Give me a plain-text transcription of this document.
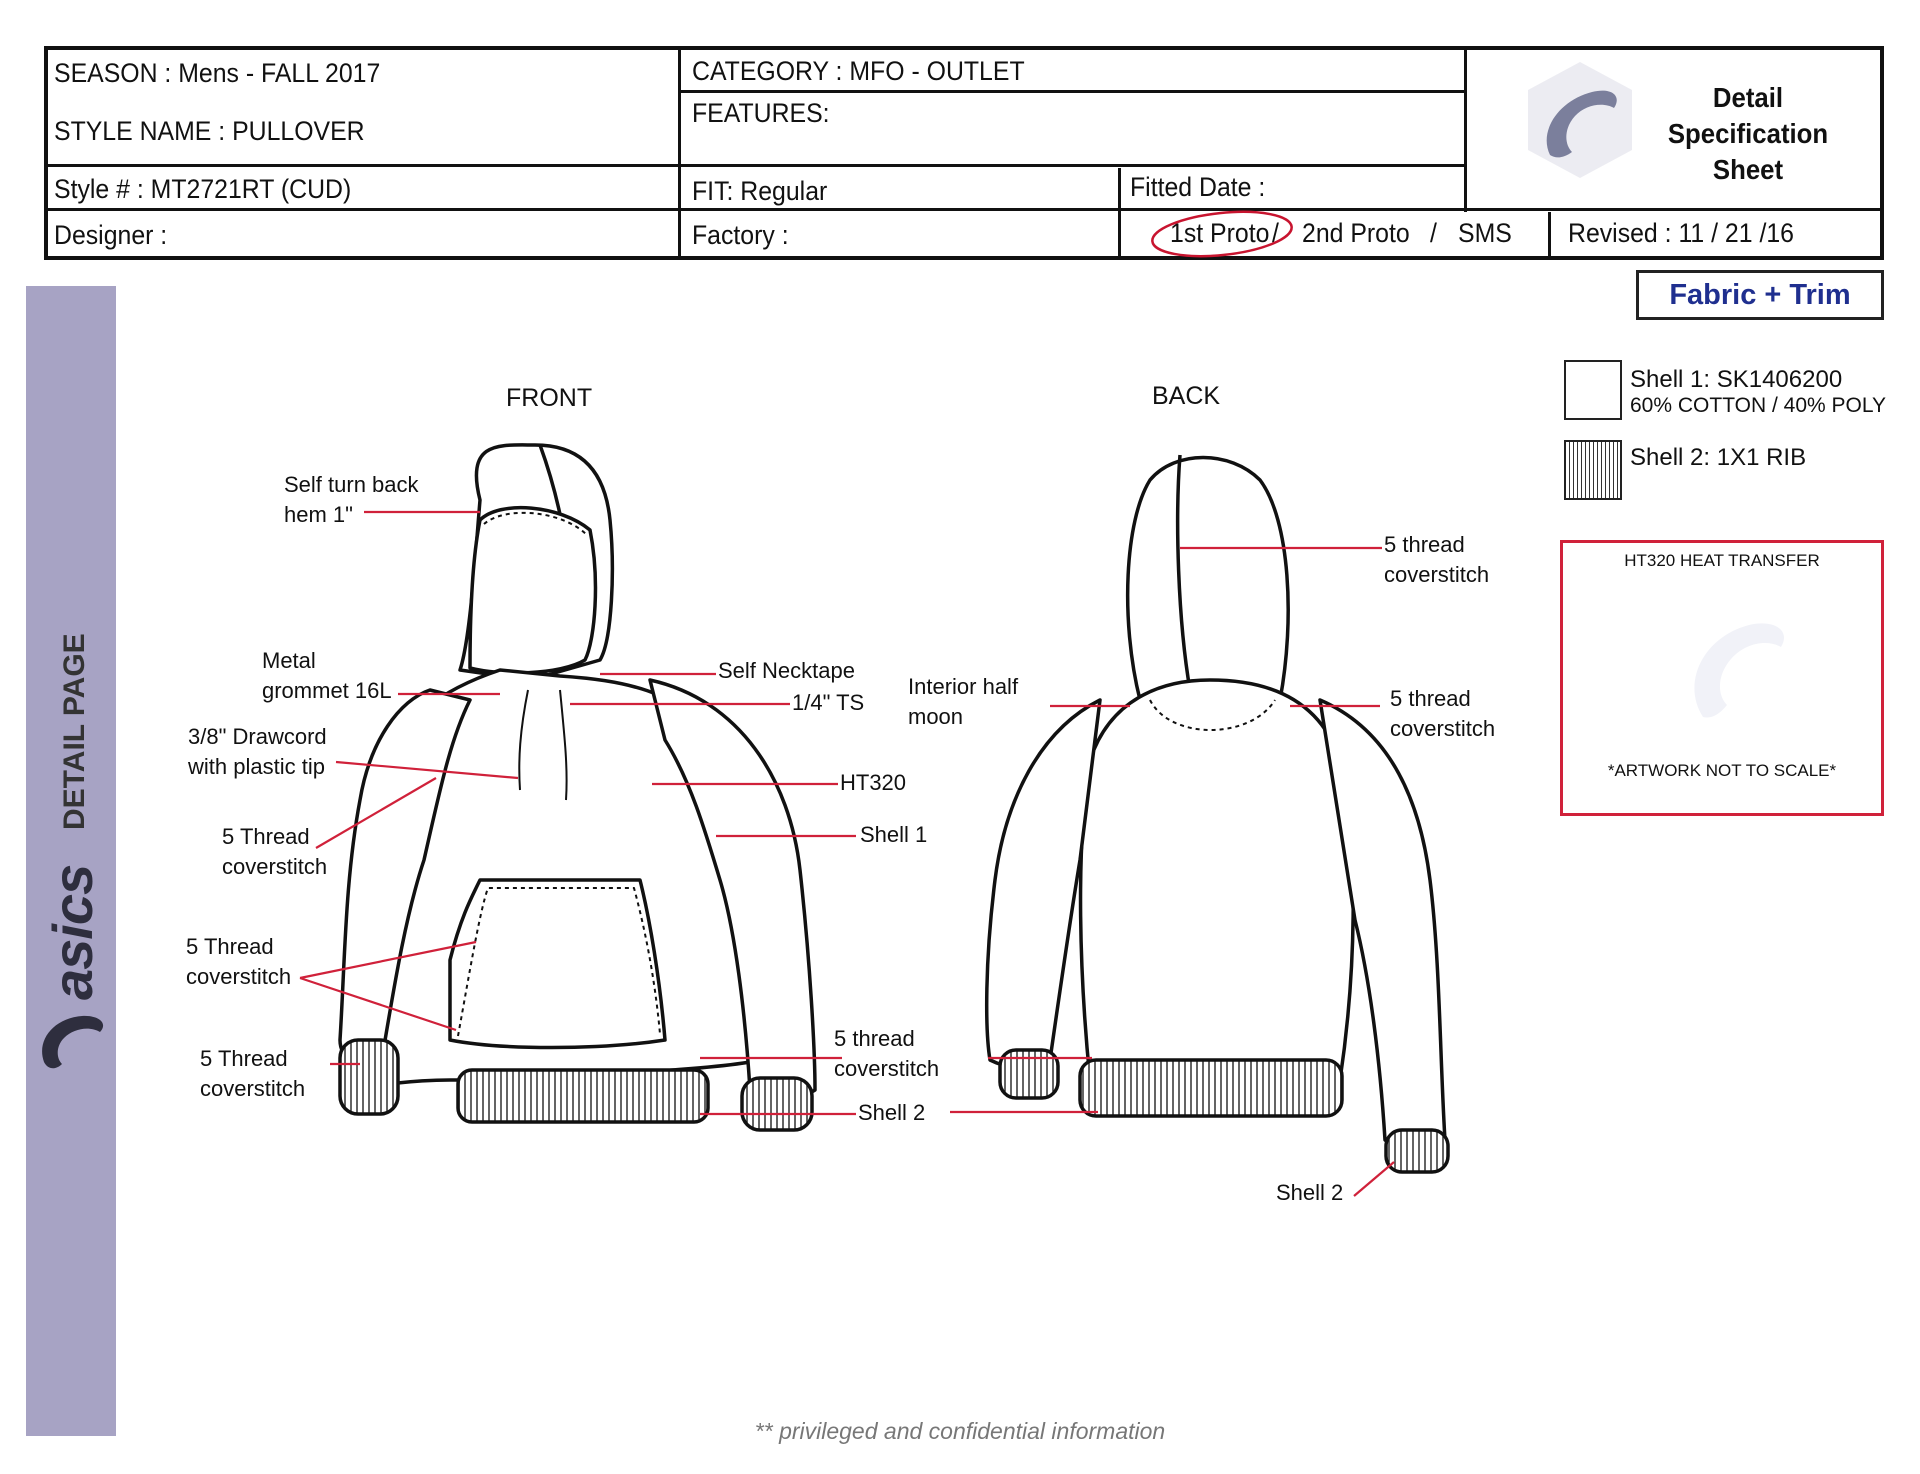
SEASON : Mens - FALL 2017
STYLE NAME : PULLOVER
Style # : MT2721RT (CUD)
Designer :
CATEGORY : MFO - OUTLET
FEATURES:
FIT: Regular	Fitted Date :
Factory :	1st Proto / 2nd Proto / SMS Revised : 11 / 21 /16
Detail Specification Sheet
Fabric + Trim
DETAIL PAGE
asics
Shell 1: SK1406200
60% COTTON / 40% POLY
Shell 2: 1X1 RIB
HT320 HEAT TRANSFER
*ARTWORK NOT TO SCALE*
FRONT	BACK
Self turn back
hem 1"
Metal
grommet 16L
3/8" Drawcord
with plastic tip
5 Thread
coverstitch
5 Thread
coverstitch
5 Thread
coverstitch
Self Necktape
1/4" TS
HT320
Shell 1
5 thread
coverstitch
Shell 2
5 thread
coverstitch
Interior half
moon
5 thread
coverstitch
Shell 2
** privileged and confidential information
